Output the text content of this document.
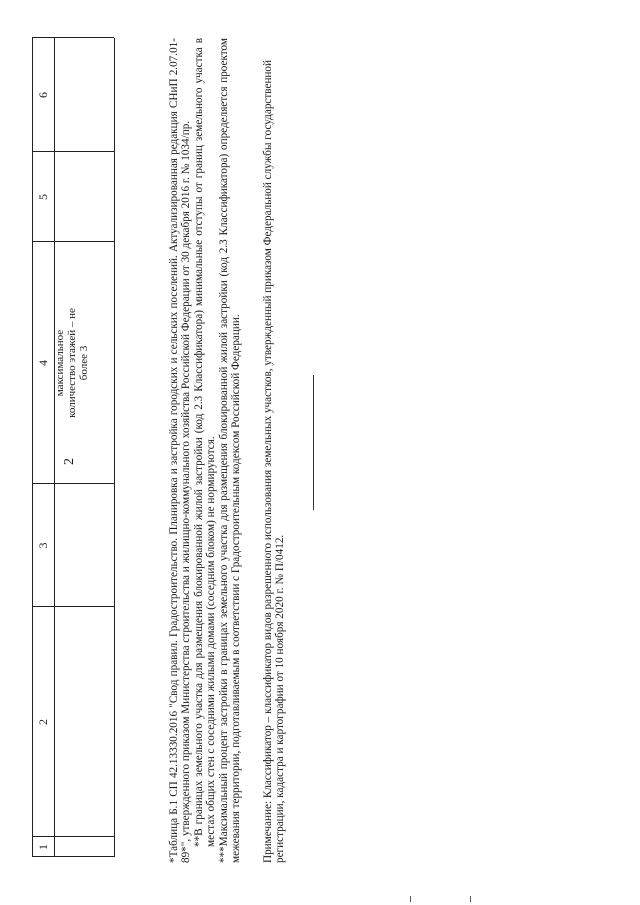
2
1
2
3
4
5
6
максимальное количество этажей – не более 3	*Таблица Б.1 СП 42.13330.2016 "Свод правил. Градостроительство. Планировка и застройка городских и сельских поселений. Актуализированная редакция СНиП 2.07.01-89*", утвержденного приказом Министерства строительства и жилищно-коммунального хозяйства Российской Федерации от 30 декабря 2016 г. № 1034/пр. **В границах земельного участка для размещения блокированной жилой застройки (код 2.3 Классификатора) минимальные отступы от границ земельного участка в местах общих стен с соседними жилыми домами (соседним блоком) не нормируются. ***Максимальный процент застройки в границах земельного участка для размещения блокированной жилой застройки (код 2.3 Классификатора) определяется проектом межевания территории, подготавливаемым в соответствии с Градостроительным кодексом Российской Федерации. Примечание: Классификатор – классификатор видов разрешенного использования земельных участков, утвержденный приказом Федеральной службы государственной регистрации, кадастра и картографии от 10 ноября 2020 г. № П/0412.
